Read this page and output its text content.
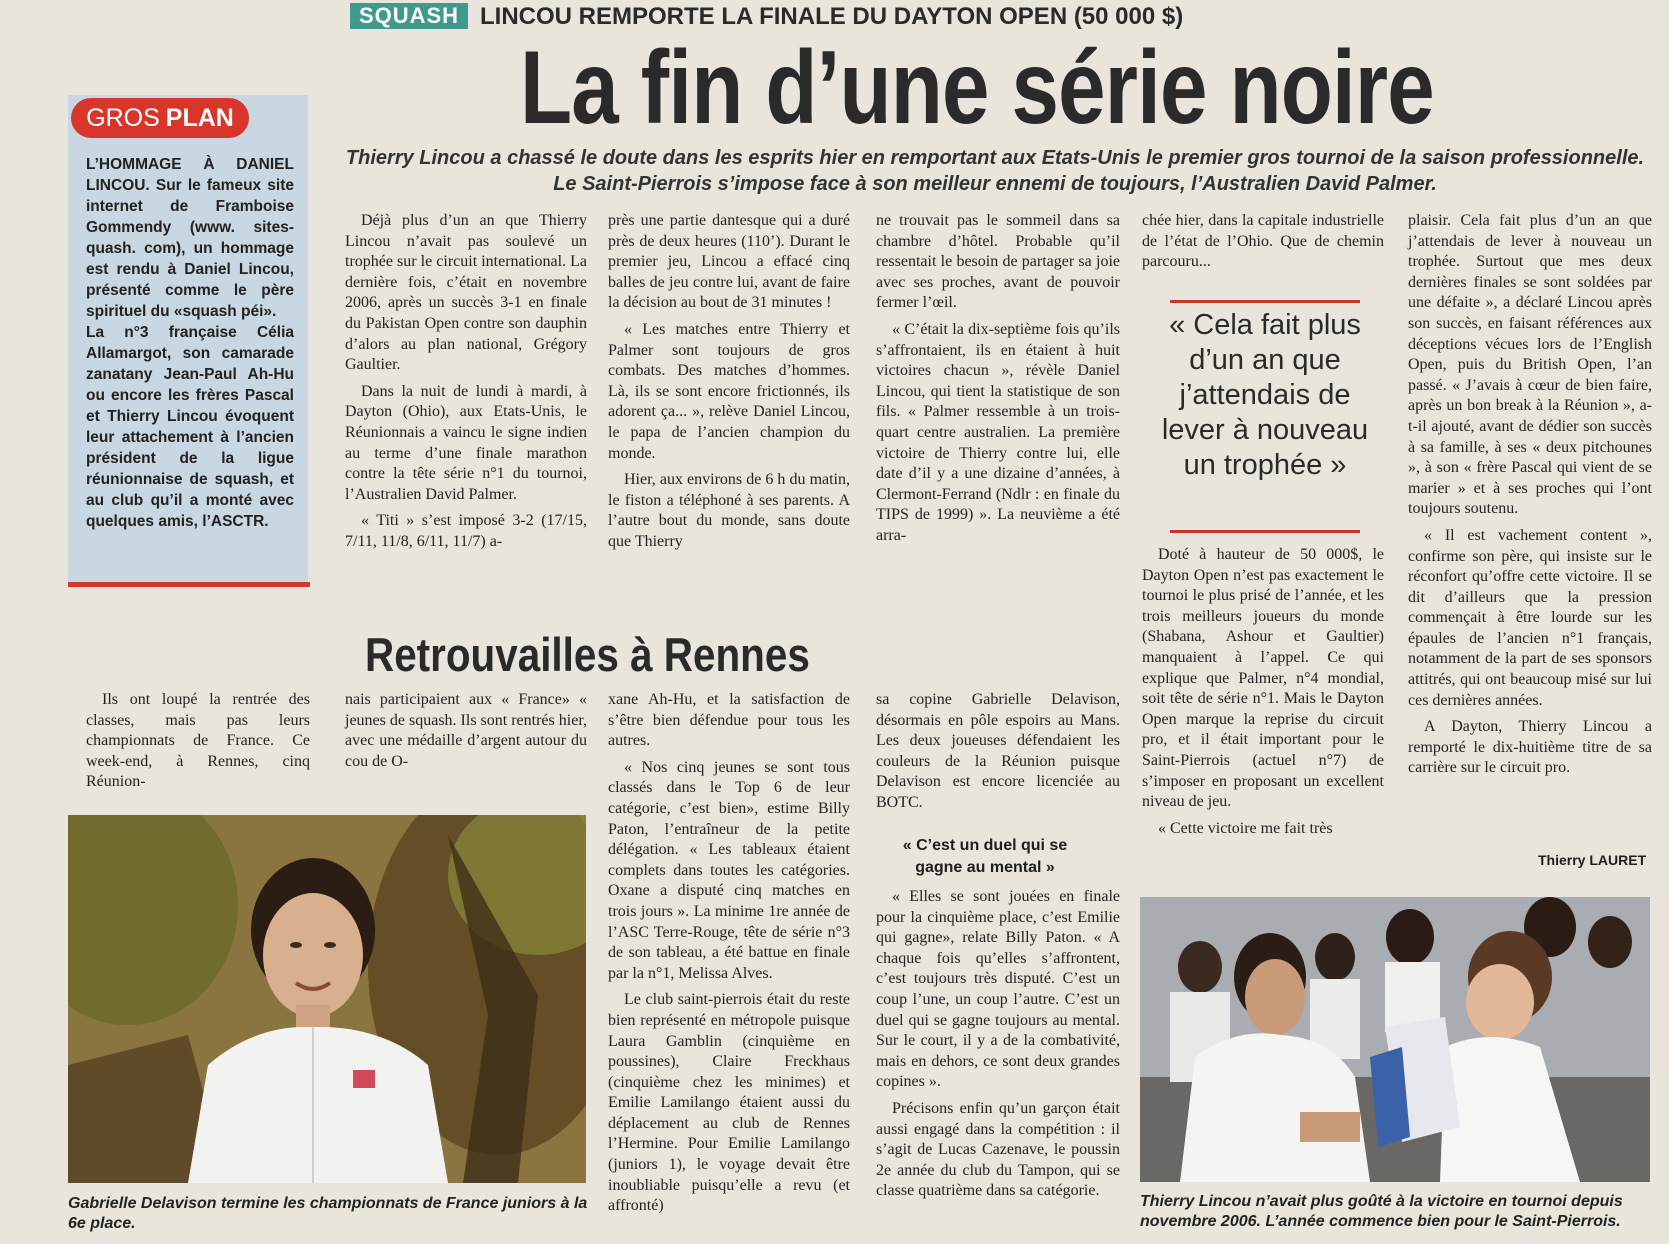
SQUASH LINCOU REMPORTE LA FINALE DU DAYTON OPEN (50 000 $)
La fin d’une série noire
Thierry Lincou a chassé le doute dans les esprits hier en remportant aux Etats-Unis le premier gros tournoi de la saison professionnelle.
Le Saint-Pierrois s’impose face à son meilleur ennemi de toujours, l’Australien David Palmer.
GROS PLAN

L’HOMMAGE À DANIEL LINCOU. Sur le fameux site internet de Framboise Gommendy (www. sites-quash. com), un hommage est rendu à Daniel Lincou, présenté comme le père spirituel du «squash péi».

La n°3 française Célia Allamargot, son camarade zanatany Jean-Paul Ah-Hu ou encore les frères Pascal et Thierry Lincou évoquent leur attachement à l’ancien président de la ligue réunionnaise de squash, et au club qu’il a monté avec quelques amis, l’ASCTR.

Déjà plus d’un an que Thierry Lincou n’avait pas soulevé un trophée sur le circuit international. La dernière fois, c’était en novembre 2006, après un succès 3-1 en finale du Pakistan Open contre son dauphin d’alors au plan national, Grégory Gaultier.

Dans la nuit de lundi à mardi, à Dayton (Ohio), aux Etats-Unis, le Réunionnais a vaincu le signe indien au terme d’une finale marathon contre la tête série n°1 du tournoi, l’Australien David Palmer.

« Titi » s’est imposé 3-2 (17/15, 7/11, 11/8, 6/11, 11/7) a-

près une partie dantesque qui a duré près de deux heures (110’). Durant le premier jeu, Lincou a effacé cinq balles de jeu contre lui, avant de faire la décision au bout de 31 minutes !

« Les matches entre Thierry et Palmer sont toujours de gros combats. Des matches d’hommes. Là, ils se sont encore frictionnés, ils adorent ça... », relève Daniel Lincou, le papa de l’ancien champion du monde.

Hier, aux environs de 6 h du matin, le fiston a téléphoné à ses parents. A l’autre bout du monde, sans doute que Thierry

ne trouvait pas le sommeil dans sa chambre d’hôtel. Probable qu’il ressentait le besoin de partager sa joie avec ses proches, avant de pouvoir fermer l’œil.

« C’était la dix-septième fois qu’ils s’affrontaient, ils en étaient à huit victoires chacun », révèle Daniel Lincou, qui tient la statistique de son fils. « Palmer ressemble à un trois-quart centre australien. La première victoire de Thierry contre lui, elle date d’il y a une dizaine d’années, à Clermont-Ferrand (Ndlr : en finale du TIPS de 1999) ». La neuvième a été arra-

chée hier, dans la capitale industrielle de l’état de l’Ohio. Que de chemin parcouru...

« Cela fait plus d’un an que j’attendais de lever à nouveau un trophée »

Doté à hauteur de 50 000$, le Dayton Open n’est pas exactement le tournoi le plus prisé de l’année, et les trois meilleurs joueurs du monde (Shabana, Ashour et Gaultier) manquaient à l’appel. Ce qui explique que Palmer, n°4 mondial, soit tête de série n°1. Mais le Dayton Open marque la reprise du circuit pro, et il était important pour le Saint-Pierrois (actuel n°7) de s’imposer en proposant un excellent niveau de jeu.

« Cette victoire me fait très

plaisir. Cela fait plus d’un an que j’attendais de lever à nouveau un trophée. Surtout que mes deux dernières finales se sont soldées par une défaite », a déclaré Lincou après son succès, en faisant références aux déceptions vécues lors de l’English Open, puis du British Open, l’an passé. « J’avais à cœur de bien faire, après un bon break à la Réunion », a-t-il ajouté, avant de dédier son succès à sa famille, à ses « deux pitchounes », à son « frère Pascal qui vient de se marier » et à ses proches qui l’ont toujours soutenu.

« Il est vachement content », confirme son père, qui insiste sur le réconfort qu’offre cette victoire. Il se dit d’ailleurs que la pression commençait à être lourde sur les épaules de l’ancien n°1 français, notamment de la part de ses sponsors attitrés, qui ont beaucoup misé sur lui ces dernières années.

A Dayton, Thierry Lincou a remporté le dix-huitième titre de sa carrière sur le circuit pro.

Thierry LAURET
Retrouvailles à Rennes

Ils ont loupé la rentrée des classes, mais pas leurs championnats de France. Ce week-end, à Rennes, cinq Réunion-

nais participaient aux « France» « jeunes de squash. Ils sont rentrés hier, avec une médaille d’argent autour du cou de O-

xane Ah-Hu, et la satisfaction de s’être bien défendue pour tous les autres.

« Nos cinq jeunes se sont tous classés dans le Top 6 de leur catégorie, c’est bien», estime Billy Paton, l’entraîneur de la petite délégation. « Les tableaux étaient complets dans toutes les catégories. Oxane a disputé cinq matches en trois jours ». La minime 1re année de l’ASC Terre-Rouge, tête de série n°3 de son tableau, a été battue en finale par la n°1, Melissa Alves.

Le club saint-pierrois était du reste bien représenté en métropole puisque Laura Gamblin (cinquième en poussines), Claire Freckhaus (cinquième chez les minimes) et Emilie Lamilango étaient aussi du déplacement au club de Rennes l’Hermine. Pour Emilie Lamilango (juniors 1), le voyage devait être inoubliable puisqu’elle a revu (et affronté)

sa copine Gabrielle Delavison, désormais en pôle espoirs au Mans. Les deux joueuses défendaient les couleurs de la Réunion puisque Delavison est encore licenciée au BOTC.

« C’est un duel qui se gagne au mental »

« Elles se sont jouées en finale pour la cinquième place, c’est Emilie qui gagne», relate Billy Paton. « A chaque fois qu’elles s’affrontent, c’est toujours très disputé. C’est un coup l’une, un coup l’autre. C’est un duel qui se gagne toujours au mental. Sur le court, il y a de la combativité, mais en dehors, ce sont deux grandes copines ».

Précisons enfin qu’un garçon était aussi engagé dans la compétition : il s’agit de Lucas Cazenave, le poussin 2e année du club du Tampon, qui se classe quatrième dans sa catégorie.

Gabrielle Delavison termine les championnats de France juniors à la 6e place.
Thierry Lincou n’avait plus goûté à la victoire en tournoi depuis novembre 2006. L’année commence bien pour le Saint-Pierrois.
